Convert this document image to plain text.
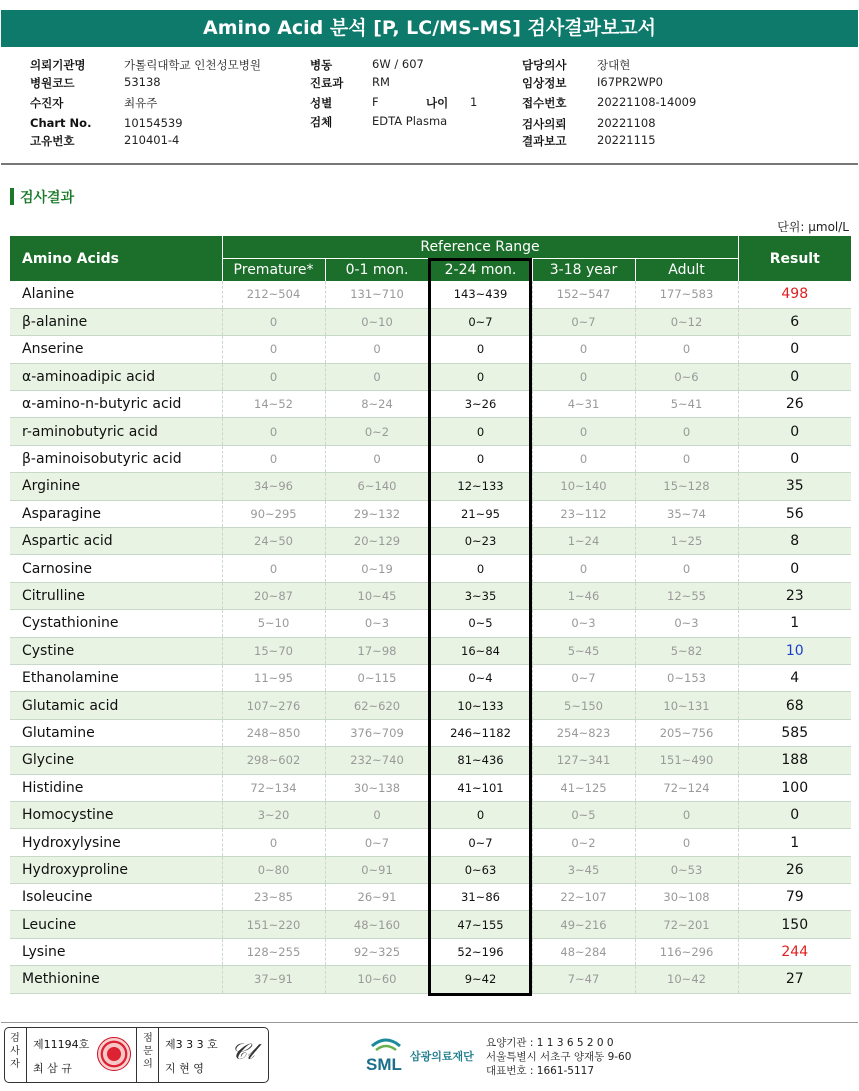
Amino Acid 분석 [P, LC/MS-MS] 검사결과보고서
의뢰기관명	가톨릭대학교 인천성모병원
병원코드	53138
수진자	최유주
Chart No.	10154539
고유번호	210401-4
병동	6W / 607
진료과 RM
성별	F	나이 1
검체	EDTA Plasma
담당의사	장대현
임상정보	I67PR2WP0
접수번호	20221108-14009
검사의뢰	20221108
결과보고	20221115
검사결과
단위: µmol/L
Amino Acids	Reference Range					Result
	Premature*	0-1 mon.	2-24 mon.	3-18 year	Adult	
Alanine	212~504	131~710	143~439	152~547	177~583	498
β-alanine	0	0~10	0~7	0~7	0~12	6
Anserine	0	0	0	0	0	0
α-aminoadipic acid	0	0	0	0	0~6	0
α-amino-n-butyric acid	14~52	8~24	3~26	4~31	5~41	26
r-aminobutyric acid	0	0~2	0	0	0	0
β-aminoisobutyric acid	0	0	0	0	0	0
Arginine	34~96	6~140	12~133	10~140	15~128	35
Asparagine	90~295	29~132	21~95	23~112	35~74	56
Aspartic acid	24~50	20~129	0~23	1~24	1~25	8
Carnosine	0	0~19	0	0	0	0
Citrulline	20~87	10~45	3~35	1~46	12~55	23
Cystathionine	5~10	0~3	0~5	0~3	0~3	1
Cystine	15~70	17~98	16~84	5~45	5~82	10
Ethanolamine	11~95	0~115	0~4	0~7	0~153	4
Glutamic acid	107~276	62~620	10~133	5~150	10~131	68
Glutamine	248~850	376~709	246~1182	254~823	205~756	585
Glycine	298~602	232~740	81~436	127~341	151~490	188
Histidine	72~134	30~138	41~101	41~125	72~124	100
Homocystine	3~20	0	0	0~5	0	0
Hydroxylysine	0	0~7	0~7	0~2	0	1
Hydroxyproline	0~80	0~91	0~63	3~45	0~53	26
Isoleucine	23~85	26~91	31~86	22~107	30~108	79
Leucine	151~220	48~160	47~155	49~216	72~201	150
Lysine	128~255	92~325	52~196	48~284	116~296	244
Methionine	37~91	10~60	9~42	7~47	10~42	27
검사자
제11194호
최 삼 규
점문의
제3 3 3 호
지 현 영
𝒞𝓁	SML 삼광의료재단
요양기관 : 1 1 3 6 5 2 0 0
서울특별시 서초구 양재동 9-60
대표번호 : 1661-5117
